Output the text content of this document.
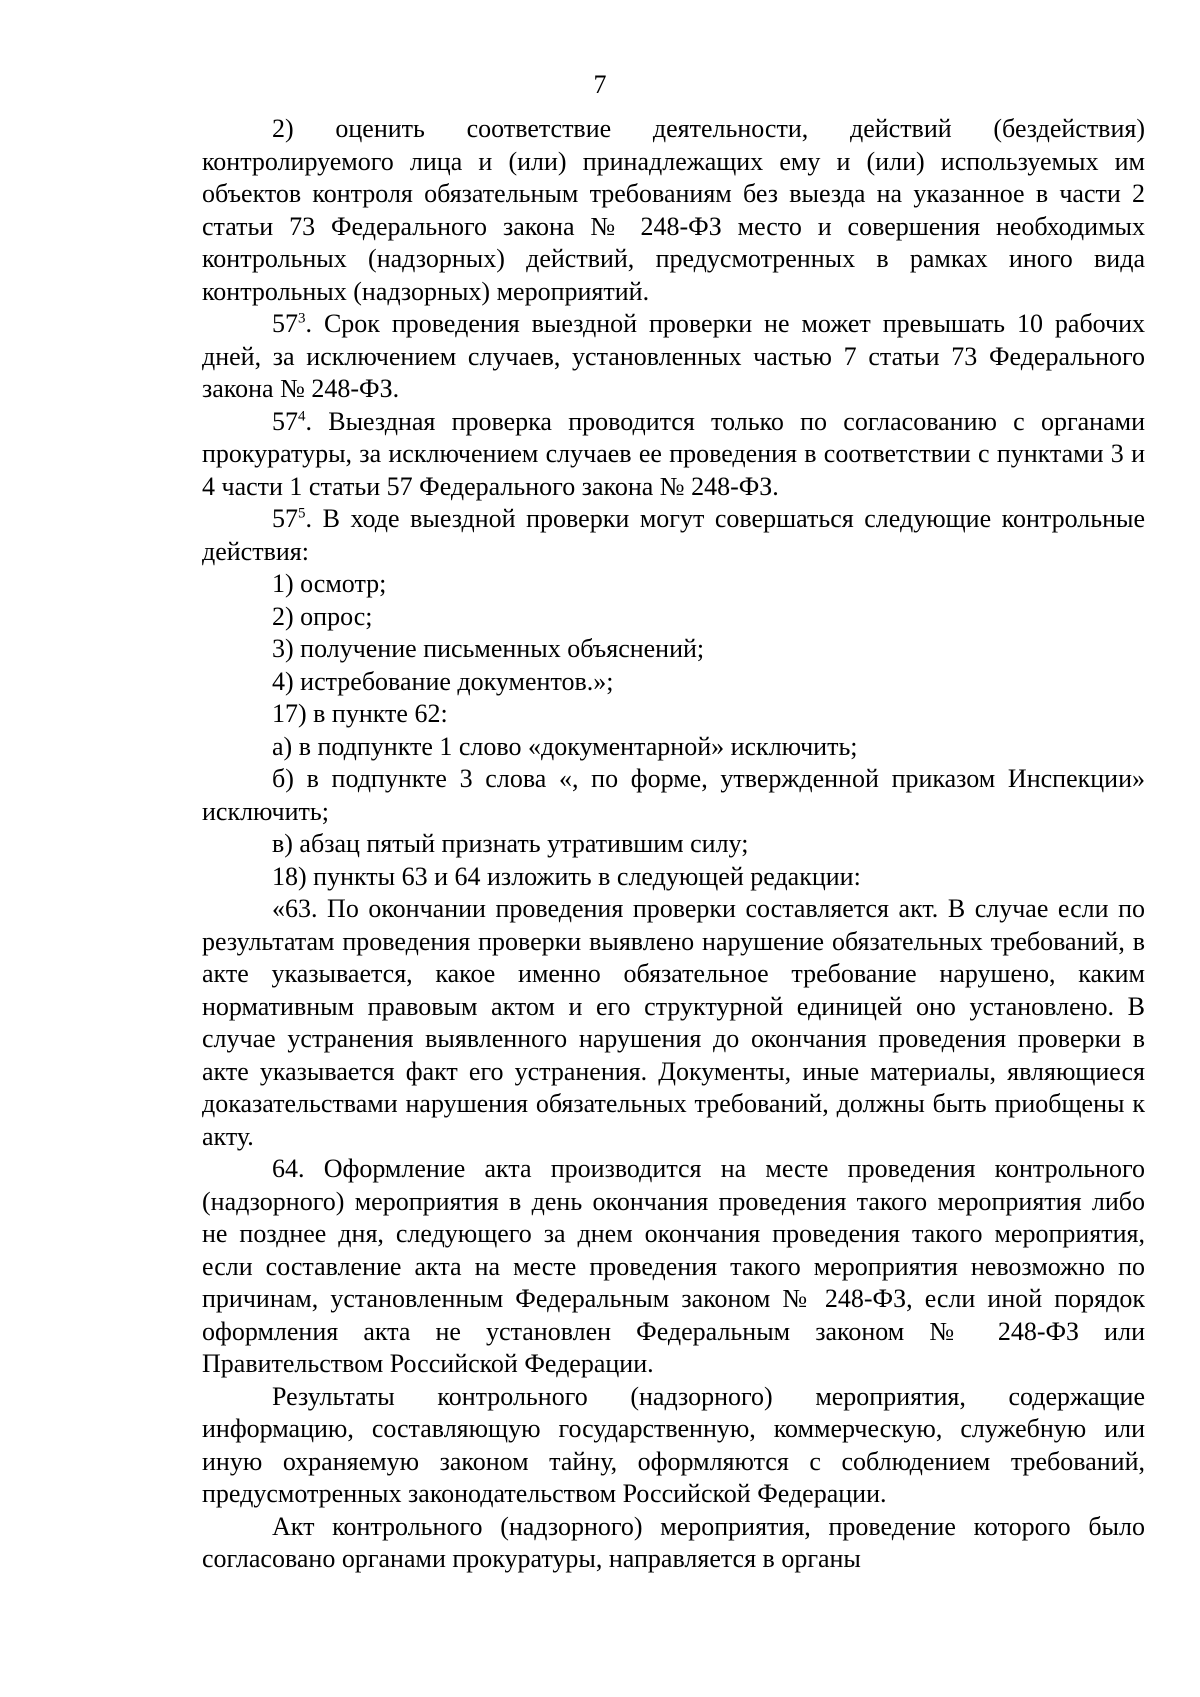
7

2) оценить соответствие деятельности, действий (бездействия) контролируемого лица и (или) принадлежащих ему и (или) используемых им объектов контроля обязательным требованиям без выезда на указанное в части 2 статьи 73 Федерального закона № 248-ФЗ место и совершения необходимых контрольных (надзорных) действий, предусмотренных в рамках иного вида контрольных (надзорных) мероприятий.

$57^3$. Срок проведения выездной проверки не может превышать 10 рабочих дней, за исключением случаев, установленных частью 7 статьи 73 Федерального закона № 248-ФЗ.

$57^4$. Выездная проверка проводится только по согласованию с органами прокуратуры, за исключением случаев ее проведения в соответствии с пунктами 3 и 4 части 1 статьи 57 Федерального закона № 248-ФЗ.

$57^5$. В ходе выездной проверки могут совершаться следующие контрольные действия:

1) осмотр;

2) опрос;

3) получение письменных объяснений;

4) истребование документов.»;

17) в пункте 62:

а) в подпункте 1 слово «документарной» исключить;

б) в подпункте 3 слова «, по форме, утвержденной приказом Инспекции» исключить;

в) абзац пятый признать утратившим силу;

18) пункты 63 и 64 изложить в следующей редакции:

«63. По окончании проведения проверки составляется акт. В случае если по результатам проведения проверки выявлено нарушение обязательных требований, в акте указывается, какое именно обязательное требование нарушено, каким нормативным правовым актом и его структурной единицей оно установлено. В случае устранения выявленного нарушения до окончания проведения проверки в акте указывается факт его устранения. Документы, иные материалы, являющиеся доказательствами нарушения обязательных требований, должны быть приобщены к акту.

64. Оформление акта производится на месте проведения контрольного (надзорного) мероприятия в день окончания проведения такого мероприятия либо не позднее дня, следующего за днем окончания проведения такого мероприятия, если составление акта на месте проведения такого мероприятия невозможно по причинам, установленным Федеральным законом № 248-ФЗ, если иной порядок оформления акта не установлен Федеральным законом № 248-ФЗ или Правительством Российской Федерации.

Результаты контрольного (надзорного) мероприятия, содержащие информацию, составляющую государственную, коммерческую, служебную или иную охраняемую законом тайну, оформляются с соблюдением требований, предусмотренных законодательством Российской Федерации.

Акт контрольного (надзорного) мероприятия, проведение которого было согласовано органами прокуратуры, направляется в органы
